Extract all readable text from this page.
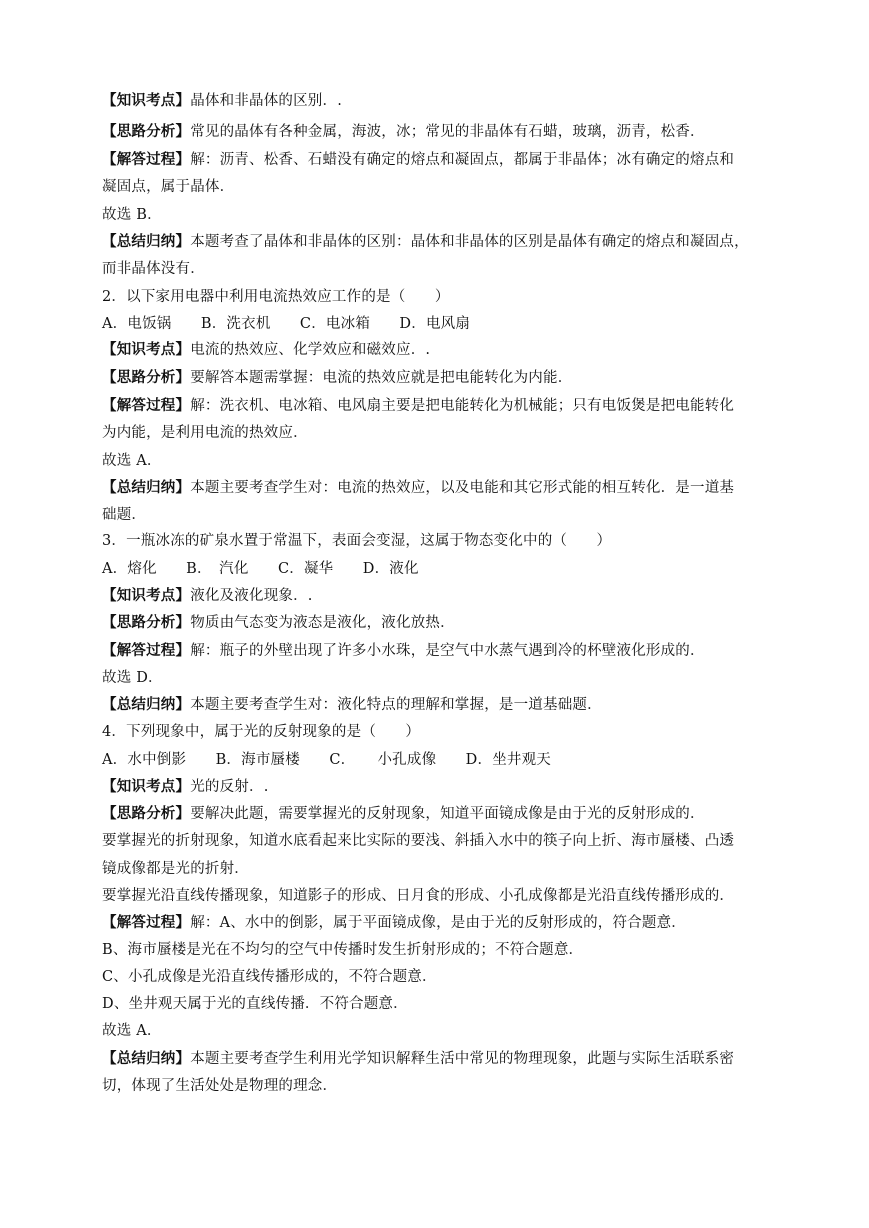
【知识考点】晶体和非晶体的区别．.
【思路分析】常见的晶体有各种金属，海波，冰；常见的非晶体有石蜡，玻璃，沥青，松香．
【解答过程】解：沥青、松香、石蜡没有确定的熔点和凝固点，都属于非晶体；冰有确定的熔点和
凝固点，属于晶体．
故选 B．
【总结归纳】本题考查了晶体和非晶体的区别：晶体和非晶体的区别是晶体有确定的熔点和凝固点，
而非晶体没有．
2．以下家用电器中利用电流热效应工作的是（　　）
A．电饭锅　　B．洗衣机　　C．电冰箱　　D．电风扇
【知识考点】电流的热效应、化学效应和磁效应．.
【思路分析】要解答本题需掌握：电流的热效应就是把电能转化为内能．
【解答过程】解：洗衣机、电冰箱、电风扇主要是把电能转化为机械能；只有电饭煲是把电能转化
为内能，是利用电流的热效应．
故选 A．
【总结归纳】本题主要考查学生对：电流的热效应，以及电能和其它形式能的相互转化．是一道基
础题．
3．一瓶冰冻的矿泉水置于常温下，表面会变湿，这属于物态变化中的（　　）
A．熔化　　B．　汽化　　C．凝华　　D．液化
【知识考点】液化及液化现象．.
【思路分析】物质由气态变为液态是液化，液化放热．
【解答过程】解：瓶子的外壁出现了许多小水珠，是空气中水蒸气遇到冷的杯壁液化形成的．
故选 D．
【总结归纳】本题主要考查学生对：液化特点的理解和掌握，是一道基础题．
4．下列现象中，属于光的反射现象的是（　　）
A．水中倒影　　B．海市蜃楼　　C．　　小孔成像　　D．坐井观天
【知识考点】光的反射．.
【思路分析】要解决此题，需要掌握光的反射现象，知道平面镜成像是由于光的反射形成的．
要掌握光的折射现象，知道水底看起来比实际的要浅、斜插入水中的筷子向上折、海市蜃楼、凸透
镜成像都是光的折射．
要掌握光沿直线传播现象，知道影子的形成、日月食的形成、小孔成像都是光沿直线传播形成的．
【解答过程】解：A、水中的倒影，属于平面镜成像，是由于光的反射形成的，符合题意．
B、海市蜃楼是光在不均匀的空气中传播时发生折射形成的；不符合题意．
C、小孔成像是光沿直线传播形成的，不符合题意．
D、坐井观天属于光的直线传播．不符合题意．
故选 A．
【总结归纳】本题主要考查学生利用光学知识解释生活中常见的物理现象，此题与实际生活联系密
切，体现了生活处处是物理的理念．
